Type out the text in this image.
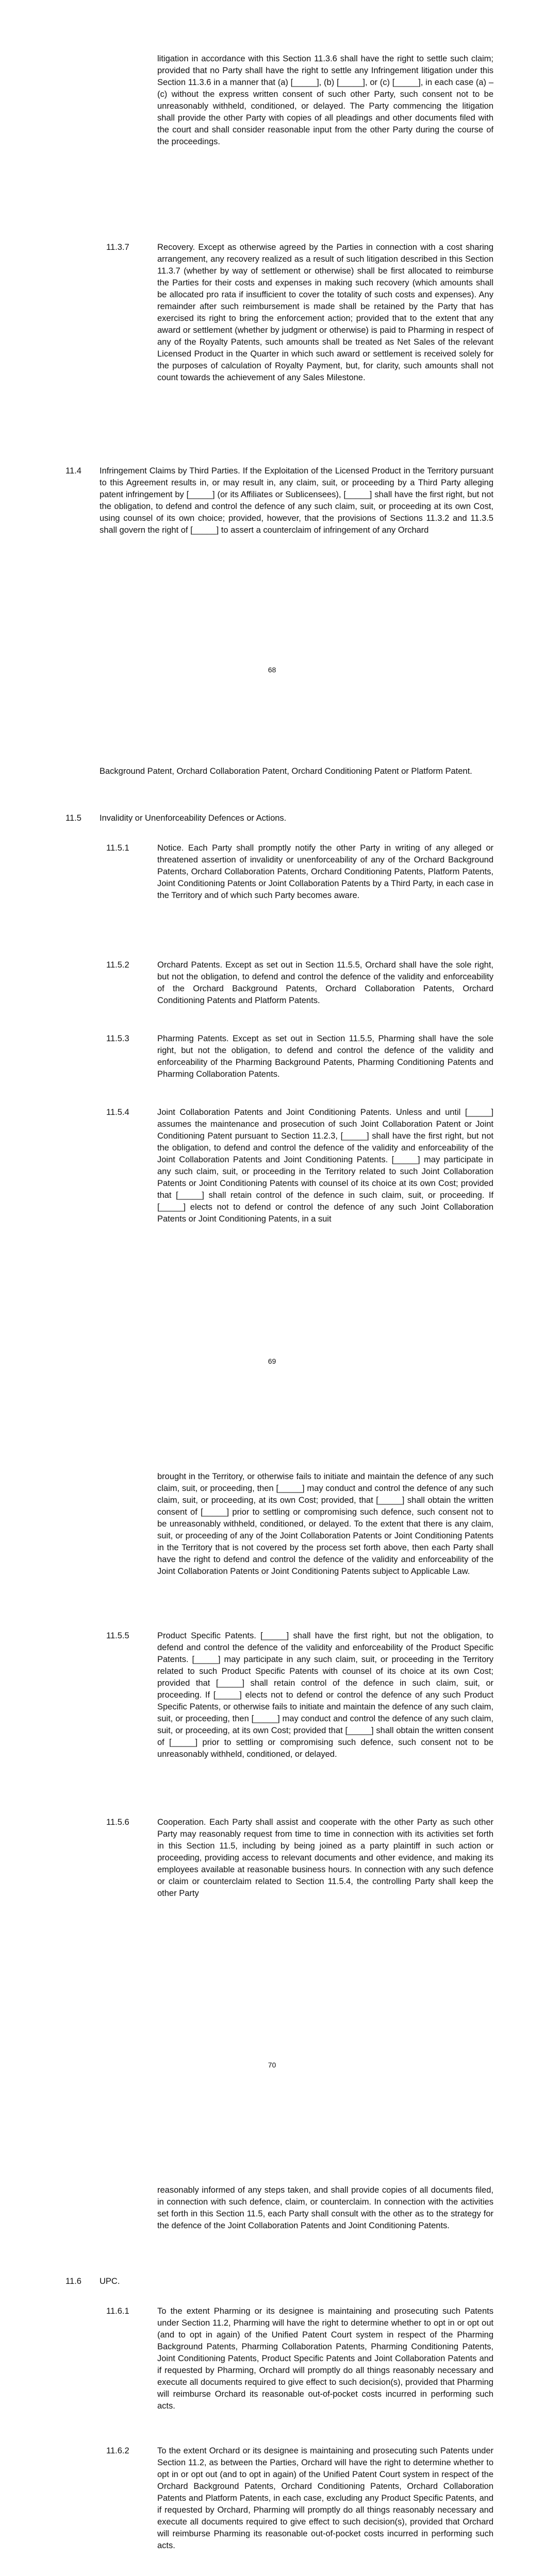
litigation in accordance with this Section 11.3.6 shall have the right to settle such claim; provided that no Party shall have the right to settle any Infringement litigation under this Section 11.3.6 in a manner that (a) [_____], (b) [_____], or (c) [_____], in each case (a) – (c) without the express written consent of such other Party, such consent not to be unreasonably withheld, conditioned, or delayed. The Party commencing the litigation shall provide the other Party with copies of all pleadings and other documents filed with the court and shall consider reasonable input from the other Party during the course of the proceedings.
11.3.7	Recovery. Except as otherwise agreed by the Parties in connection with a cost sharing arrangement, any recovery realized as a result of such litigation described in this Section 11.3.7 (whether by way of settlement or otherwise) shall be first allocated to reimburse the Parties for their costs and expenses in making such recovery (which amounts shall be allocated pro rata if insufficient to cover the totality of such costs and expenses). Any remainder after such reimbursement is made shall be retained by the Party that has exercised its right to bring the enforcement action; provided that to the extent that any award or settlement (whether by judgment or otherwise) is paid to Pharming in respect of any of the Royalty Patents, such amounts shall be treated as Net Sales of the relevant Licensed Product in the Quarter in which such award or settlement is received solely for the purposes of calculation of Royalty Payment, but, for clarity, such amounts shall not count towards the achievement of any Sales Milestone.
11.4 Infringement Claims by Third Parties. If the Exploitation of the Licensed Product in the Territory pursuant to this Agreement results in, or may result in, any claim, suit, or proceeding by a Third Party alleging patent infringement by [_____] (or its Affiliates or Sublicensees), [_____] shall have the first right, but not the obligation, to defend and control the defence of any such claim, suit, or proceeding at its own Cost, using counsel of its own choice; provided, however, that the provisions of Sections 11.3.2 and 11.3.5 shall govern the right of [_____] to assert a counterclaim of infringement of any Orchard
68
Background Patent, Orchard Collaboration Patent, Orchard Conditioning Patent or Platform Patent.
11.5 Invalidity or Unenforceability Defences or Actions.
11.5.1	Notice. Each Party shall promptly notify the other Party in writing of any alleged or threatened assertion of invalidity or unenforceability of any of the Orchard Background Patents, Orchard Collaboration Patents, Orchard Conditioning Patents, Platform Patents, Joint Conditioning Patents or Joint Collaboration Patents by a Third Party, in each case in the Territory and of which such Party becomes aware.
11.5.2	Orchard Patents. Except as set out in Section 11.5.5, Orchard shall have the sole right, but not the obligation, to defend and control the defence of the validity and enforceability of the Orchard Background Patents, Orchard Collaboration Patents, Orchard Conditioning Patents and Platform Patents.
11.5.3	Pharming Patents. Except as set out in Section 11.5.5, Pharming shall have the sole right, but not the obligation, to defend and control the defence of the validity and enforceability of the Pharming Background Patents, Pharming Conditioning Patents and Pharming Collaboration Patents.
11.5.4	Joint Collaboration Patents and Joint Conditioning Patents. Unless and until [_____] assumes the maintenance and prosecution of such Joint Collaboration Patent or Joint Conditioning Patent pursuant to Section 11.2.3, [_____] shall have the first right, but not the obligation, to defend and control the defence of the validity and enforceability of the Joint Collaboration Patents and Joint Conditioning Patents. [_____] may participate in any such claim, suit, or proceeding in the Territory related to such Joint Collaboration Patents or Joint Conditioning Patents with counsel of its choice at its own Cost; provided that [_____] shall retain control of the defence in such claim, suit, or proceeding. If [_____] elects not to defend or control the defence of any such Joint Collaboration Patents or Joint Conditioning Patents, in a suit
69
brought in the Territory, or otherwise fails to initiate and maintain the defence of any such claim, suit, or proceeding, then [_____] may conduct and control the defence of any such claim, suit, or proceeding, at its own Cost; provided, that [_____] shall obtain the written consent of [_____] prior to settling or compromising such defence, such consent not to be unreasonably withheld, conditioned, or delayed. To the extent that there is any claim, suit, or proceeding of any of the Joint Collaboration Patents or Joint Conditioning Patents in the Territory that is not covered by the process set forth above, then each Party shall have the right to defend and control the defence of the validity and enforceability of the Joint Collaboration Patents or Joint Conditioning Patents subject to Applicable Law.
11.5.5	Product Specific Patents. [_____] shall have the first right, but not the obligation, to defend and control the defence of the validity and enforceability of the Product Specific Patents. [_____] may participate in any such claim, suit, or proceeding in the Territory related to such Product Specific Patents with counsel of its choice at its own Cost; provided that [_____] shall retain control of the defence in such claim, suit, or proceeding. If [_____] elects not to defend or control the defence of any such Product Specific Patents, or otherwise fails to initiate and maintain the defence of any such claim, suit, or proceeding, then [_____] may conduct and control the defence of any such claim, suit, or proceeding, at its own Cost; provided that [_____] shall obtain the written consent of [_____] prior to settling or compromising such defence, such consent not to be unreasonably withheld, conditioned, or delayed.
11.5.6	Cooperation. Each Party shall assist and cooperate with the other Party as such other Party may reasonably request from time to time in connection with its activities set forth in this Section 11.5, including by being joined as a party plaintiff in such action or proceeding, providing access to relevant documents and other evidence, and making its employees available at reasonable business hours. In connection with any such defence or claim or counterclaim related to Section 11.5.4, the controlling Party shall keep the other Party
70
reasonably informed of any steps taken, and shall provide copies of all documents filed, in connection with such defence, claim, or counterclaim. In connection with the activities set forth in this Section 11.5, each Party shall consult with the other as to the strategy for the defence of the Joint Collaboration Patents and Joint Conditioning Patents.
11.6 UPC.
11.6.1	To the extent Pharming or its designee is maintaining and prosecuting such Patents under Section 11.2, Pharming will have the right to determine whether to opt in or opt out (and to opt in again) of the Unified Patent Court system in respect of the Pharming Background Patents, Pharming Collaboration Patents, Pharming Conditioning Patents, Joint Conditioning Patents, Product Specific Patents and Joint Collaboration Patents and if requested by Pharming, Orchard will promptly do all things reasonably necessary and execute all documents required to give effect to such decision(s), provided that Pharming will reimburse Orchard its reasonable out-of-pocket costs incurred in performing such acts.
11.6.2	To the extent Orchard or its designee is maintaining and prosecuting such Patents under Section 11.2, as between the Parties, Orchard will have the right to determine whether to opt in or opt out (and to opt in again) of the Unified Patent Court system in respect of the Orchard Background Patents, Orchard Conditioning Patents, Orchard Collaboration Patents and Platform Patents, in each case, excluding any Product Specific Patents, and if requested by Orchard, Pharming will promptly do all things reasonably necessary and execute all documents required to give effect to such decision(s), provided that Orchard will reimburse Pharming its reasonable out-of-pocket costs incurred in performing such acts.
